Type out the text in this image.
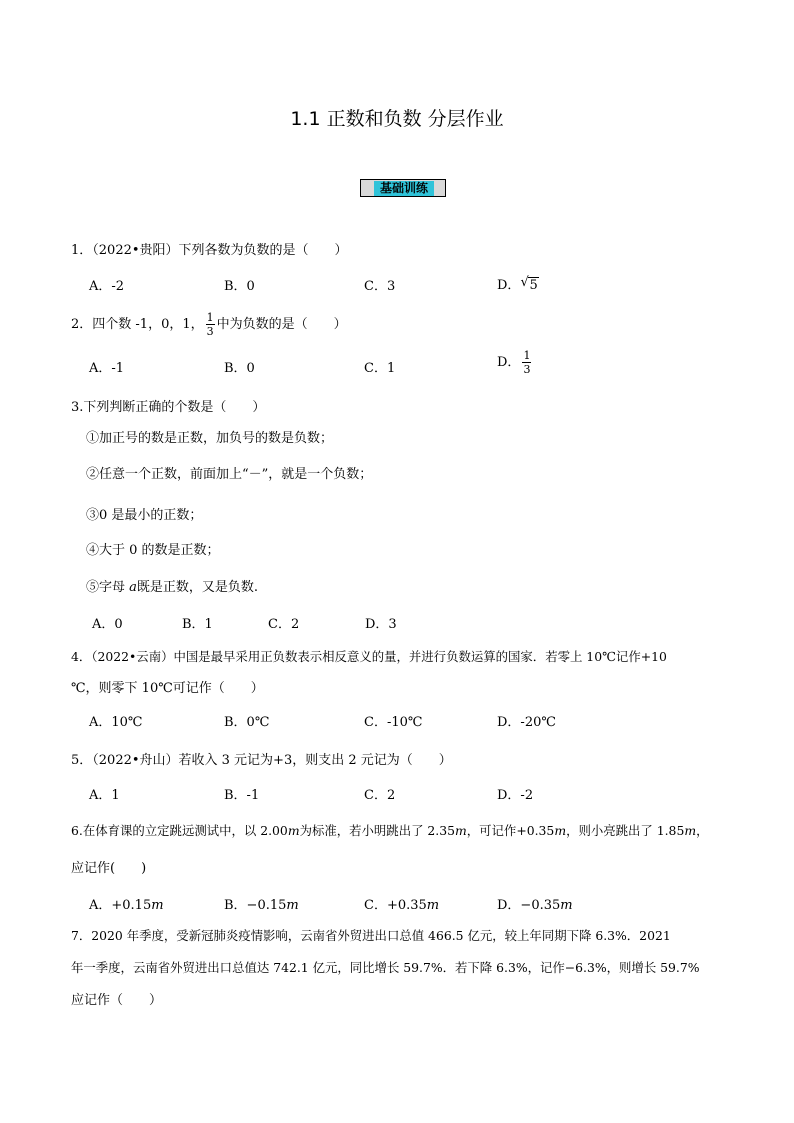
1.1 正数和负数 分层作业
基础训练
1．（2022•贵阳）下列各数为负数的是（　　）
A．-2	B．0	C．3	D． √ 5
2．四个数 -1，0，1， $\frac{1}{3}$ 中为负数的是（　　）
A．-1	B．0	C．1	D． $\frac{1}{3}$
3.下列判断正确的个数是（　　）
①加正号的数是正数，加负号的数是负数；
②任意一个正数，前面加上“－”，就是一个负数；
③0 是最小的正数；
④大于 0 的数是正数；
⑤字母 a既是正数，又是负数.
A．0	B．1	C．2	D．3
4．（2022•云南）中国是最早采用正负数表示相反意义的量，并进行负数运算的国家．若零上 10℃记作+10
℃，则零下 10℃可记作（　　）
A．10℃	B．0℃	C．-10℃	D．-20℃
5．（2022•舟山）若收入 3 元记为+3，则支出 2 元记为（　　）
A．1	B．-1	C．2	D．-2
6.在体育课的立定跳远测试中，以 2.00m为标准，若小明跳出了 2.35m，可记作+0.35m，则小亮跳出了 1.85m，
应记作(　　)
A．+0.15m	B．−0.15m	C．+0.35m	D．−0.35m
7．2020 年季度，受新冠肺炎疫情影响，云南省外贸进出口总值 466.5 亿元，较上年同期下降 6.3%．2021
年一季度，云南省外贸进出口总值达 742.1 亿元，同比增长 59.7%．若下降 6.3%，记作−6.3%，则增长 59.7%
应记作（　　）
